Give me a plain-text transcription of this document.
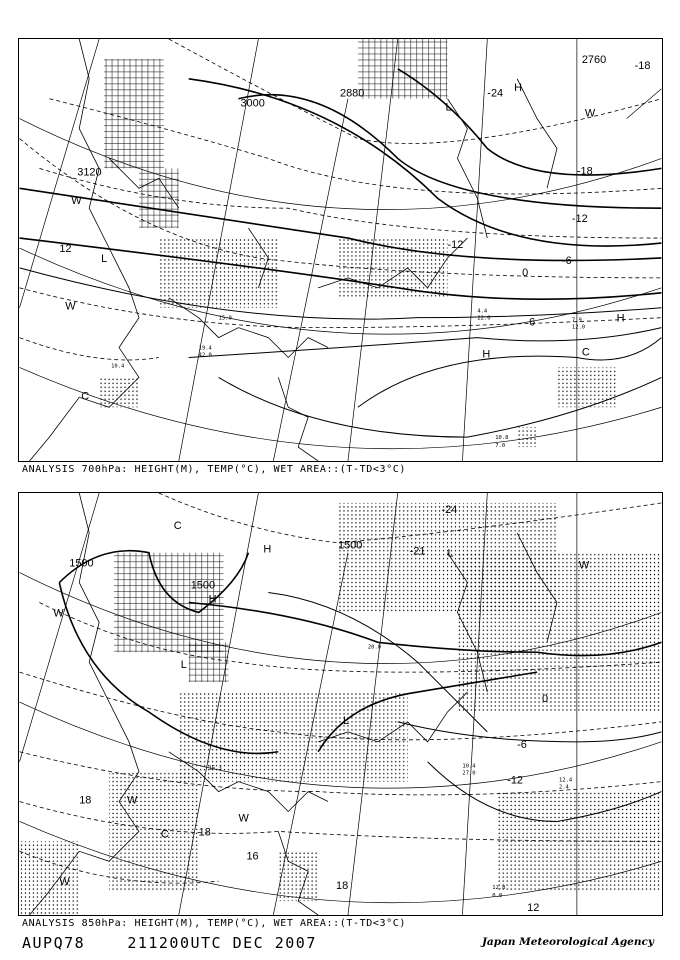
3000
3120
2760
2880
-18
-24
-18
-12
-6
0
12	-12
6
H
H
H
L
L
C
C
W
W
W
10.8
7.0
7.9
12.0
4.4
22.0
19.4
42.0
10.4
15.0
ANALYSIS 700hPa: HEIGHT(M), TEMP(°C), WET AREA::(T-TD<3°C)
1500
1500
1500
-24
-21
-12
-6
0
18
18
18
16
12
H
H
L
L
L
C
C
W
W
W
W
W
12.8
0.8
10.4
27.0
12.4
2.4
16.3
20.0
ANALYSIS 850hPa: HEIGHT(M), TEMP(°C), WET AREA::(T-TD<3°C)
AUPQ78	211200UTC DEC 2007	Japan Meteorological Agency
